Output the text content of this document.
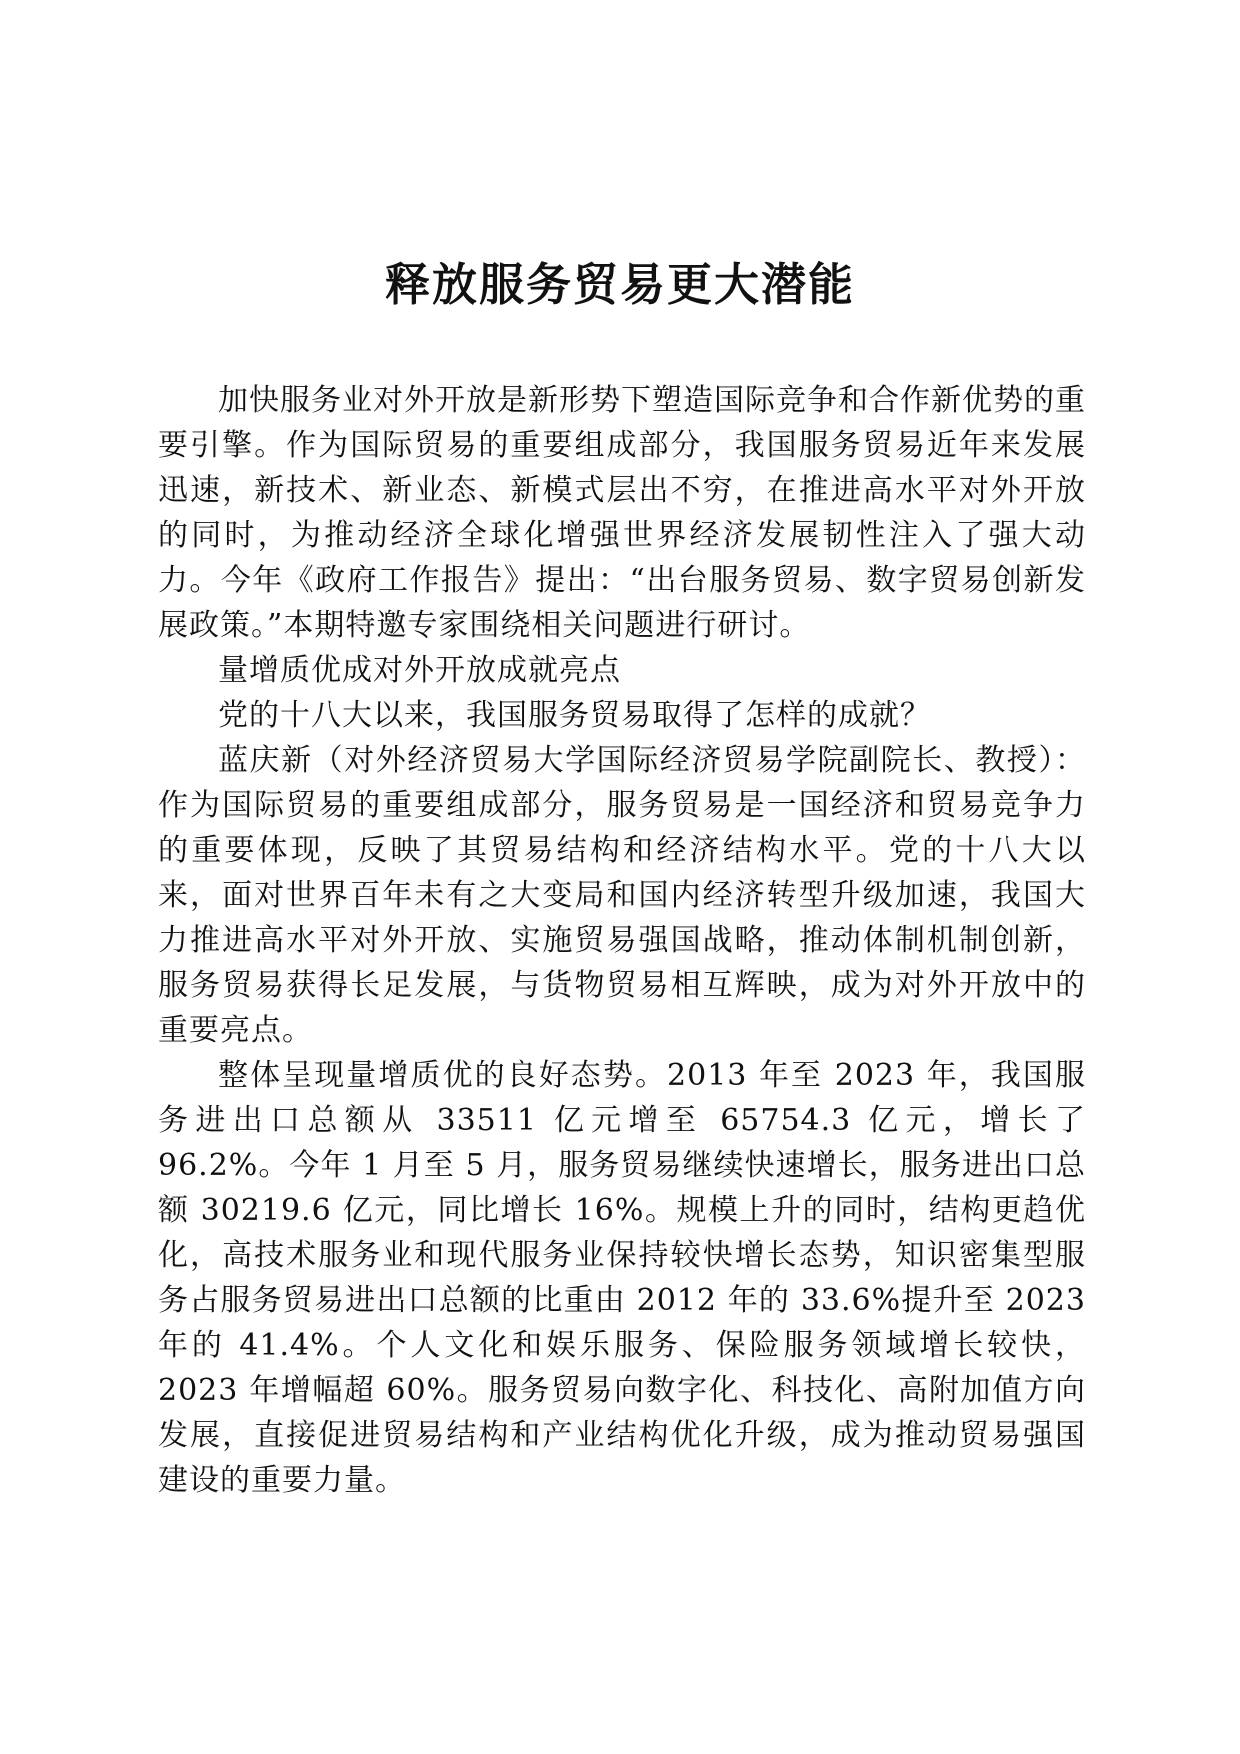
释放服务贸易更大潜能

加快服务业对外开放是新形势下塑造国际竞争和合作新优势的重要引擎。作为国际贸易的重要组成部分，我国服务贸易近年来发展迅速，新技术、新业态、新模式层出不穷，在推进高水平对外开放的同时，为推动经济全球化增强世界经济发展韧性注入了强大动力。今年《政府工作报告》提出：“出台服务贸易、数字贸易创新发展政策。”本期特邀专家围绕相关问题进行研讨。

量增质优成对外开放成就亮点

党的十八大以来，我国服务贸易取得了怎样的成就？

蓝庆新（对外经济贸易大学国际经济贸易学院副院长、教授）：作为国际贸易的重要组成部分，服务贸易是一国经济和贸易竞争力的重要体现，反映了其贸易结构和经济结构水平。党的十八大以来，面对世界百年未有之大变局和国内经济转型升级加速，我国大力推进高水平对外开放、实施贸易强国战略，推动体制机制创新，服务贸易获得长足发展，与货物贸易相互辉映，成为对外开放中的重要亮点。

整体呈现量增质优的良好态势。2013 年至 2023 年，我国服务进出口总额从 33511 亿元增至 65754.3 亿元，增长了 96.2%。今年 1 月至 5 月，服务贸易继续快速增长，服务进出口总额 30219.6 亿元，同比增长 16%。规模上升的同时，结构更趋优化，高技术服务业和现代服务业保持较快增长态势，知识密集型服务占服务贸易进出口总额的比重由 2012 年的 33.6%提升至 2023 年的 41.4%。个人文化和娱乐服务、保险服务领域增长较快，2023 年增幅超 60%。服务贸易向数字化、科技化、高附加值方向发展，直接促进贸易结构和产业结构优化升级，成为推动贸易强国建设的重要力量。
